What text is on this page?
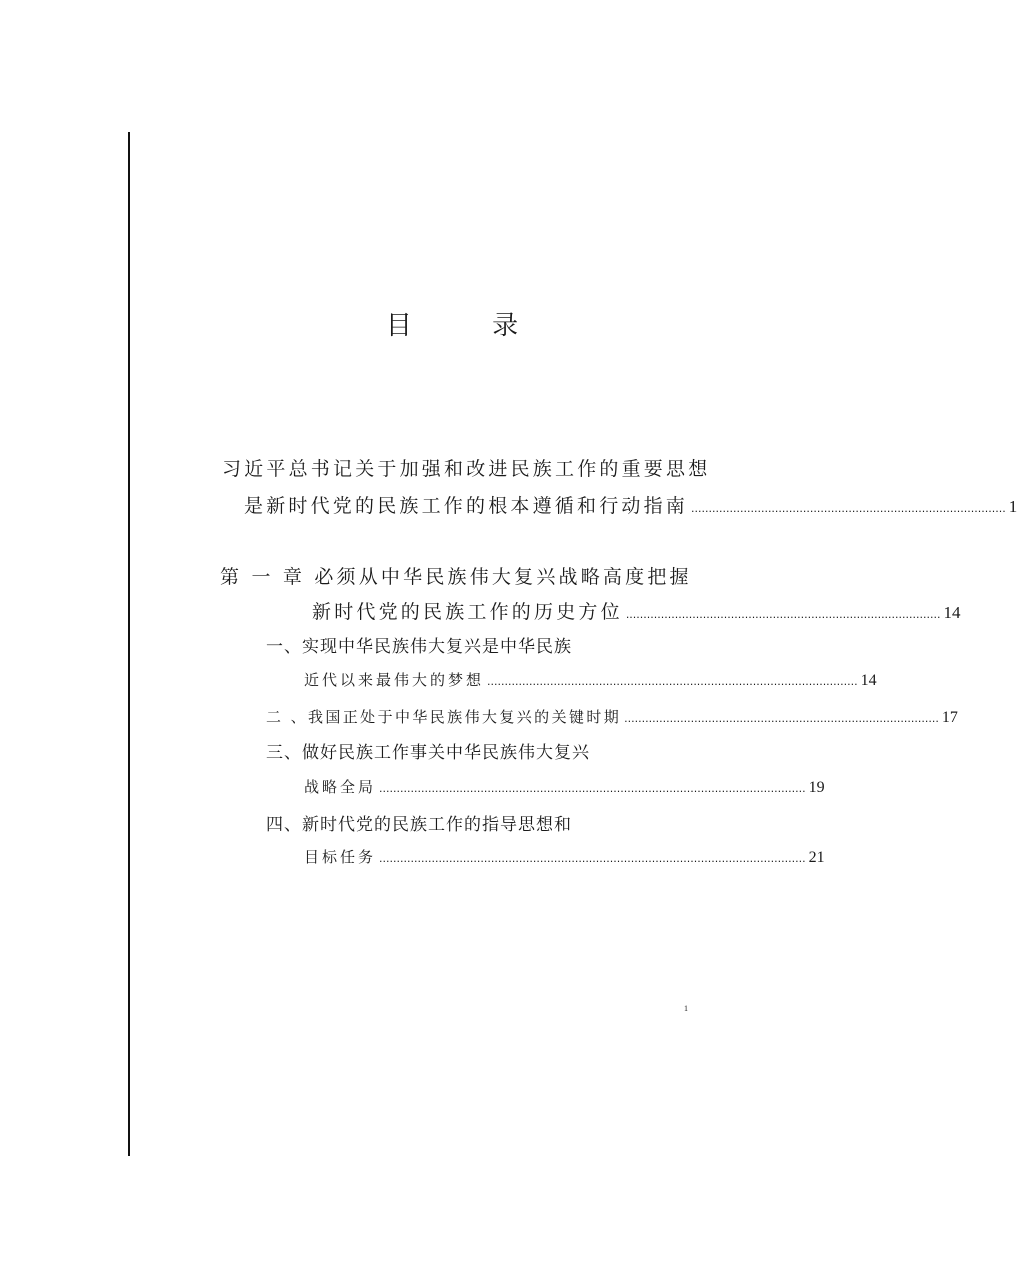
目 录
习近平总书记关于加强和改进民族工作的重要思想
是新时代党的民族工作的根本遵循和行动指南 .......................................................................................... 1
第 一 章 必须从中华民族伟大复兴战略高度把握
新时代党的民族工作的历史方位 .......................................................................................... 14
一、实现中华民族伟大复兴是中华民族
近代以来最伟大的梦想 .......................................................................................................... 14
二 、我国正处于中华民族伟大复兴的关键时期 .......................................................................................... 17
三、做好民族工作事关中华民族伟大复兴
战略全局 .......................................................................................................................... 19
四、新时代党的民族工作的指导思想和
目标任务 .......................................................................................................................... 21
1
